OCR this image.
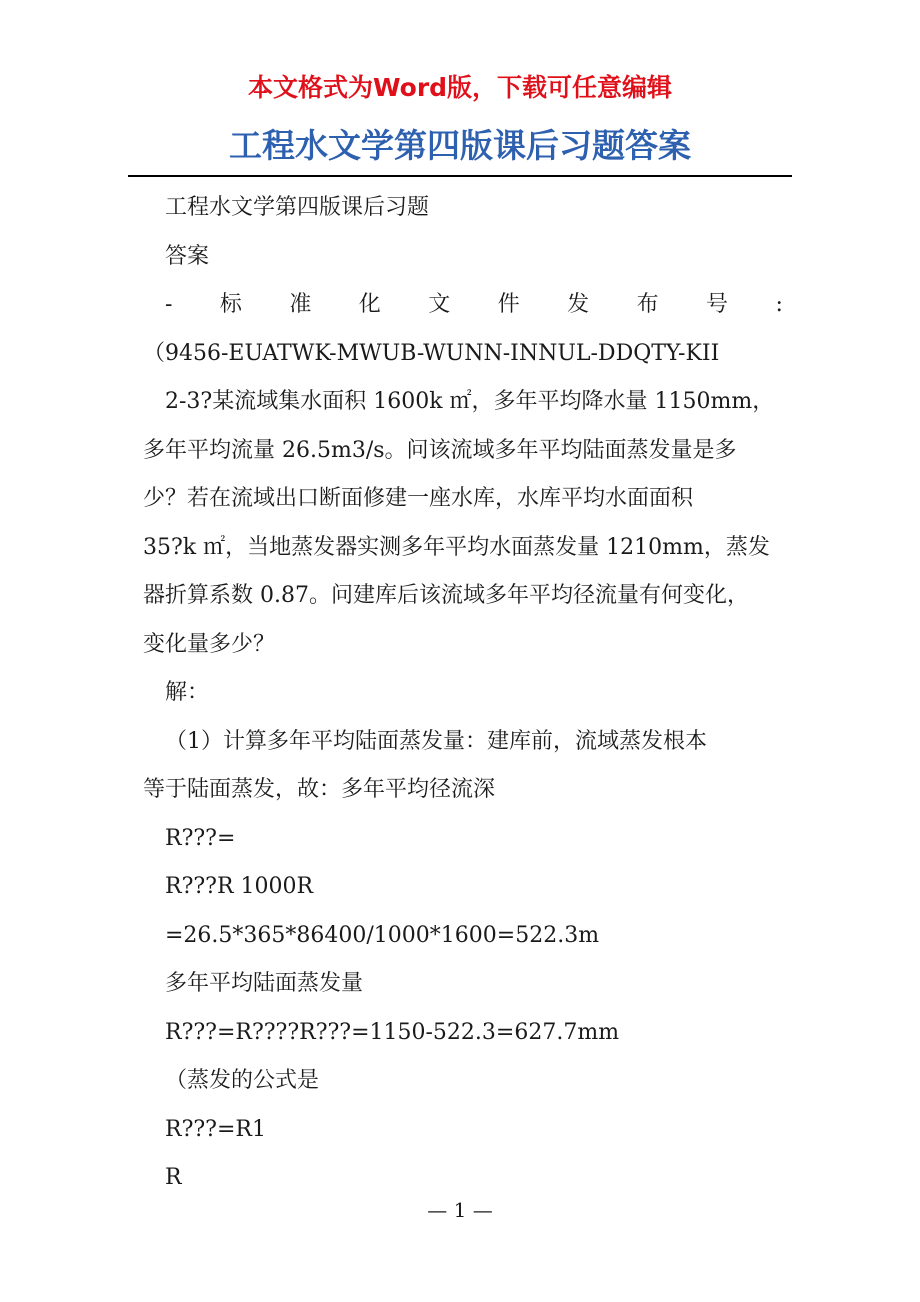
本文格式为Word版，下载可任意编辑
工程水文学第四版课后习题答案
工程水文学第四版课后习题
答案
- 标 准 化 文 件 发 布 号 :
（9456-EUATWK-MWUB-WUNN-INNUL-DDQTY-KII
2-3?某流域集水面积 1600k ㎡，多年平均降水量 1150mm，
多年平均流量 26.5m3/s。问该流域多年平均陆面蒸发量是多
少？若在流域出口断面修建一座水库，水库平均水面面积
35?k ㎡，当地蒸发器实测多年平均水面蒸发量 1210mm，蒸发
器折算系数 0.87。问建库后该流域多年平均径流量有何变化，
变化量多少？
解：
（1）计算多年平均陆面蒸发量：建库前，流域蒸发根本
等于陆面蒸发，故：多年平均径流深
R???=
R???R 1000R
=26.5*365*86400/1000*1600=522.3m
多年平均陆面蒸发量
R???=R????R???=1150-522.3=627.7mm
（蒸发的公式是
R???=R1
R
— 1 —
